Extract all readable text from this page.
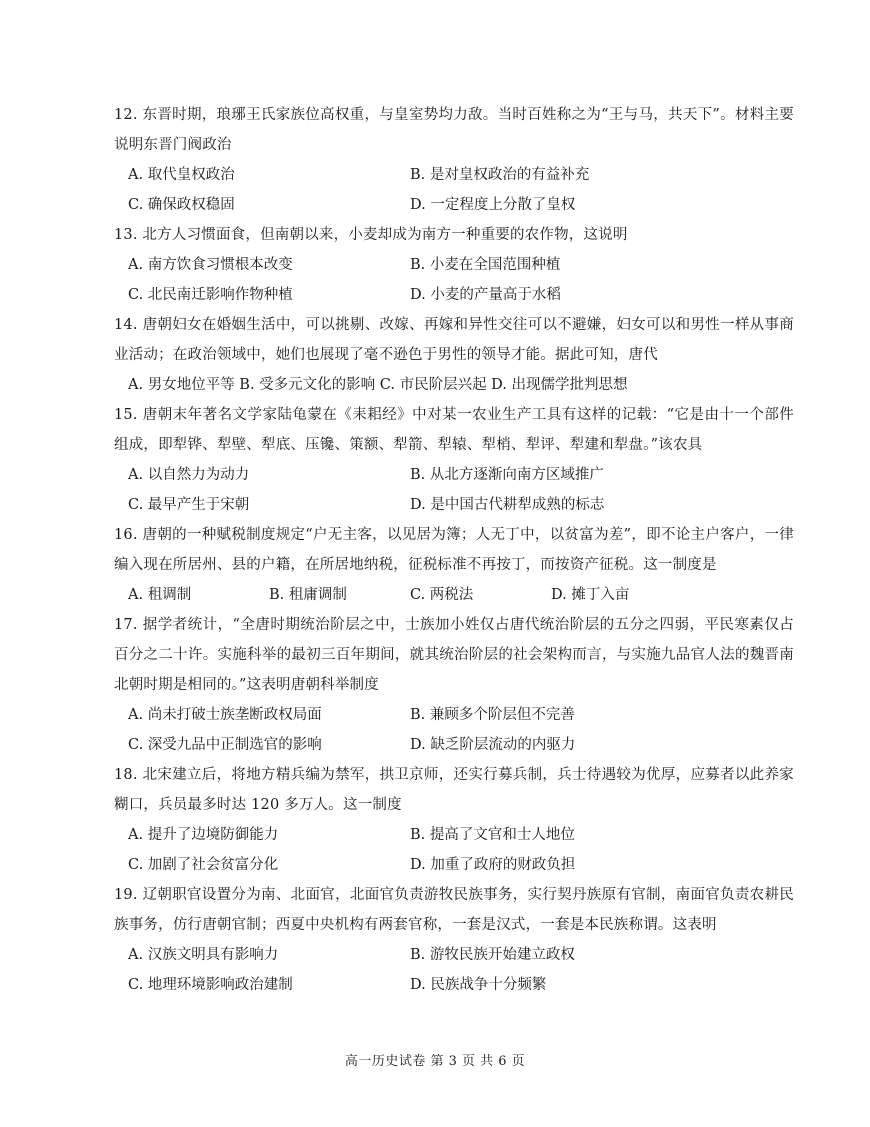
12. 东晋时期，琅琊王氏家族位高权重，与皇室势均力敌。当时百姓称之为“王与马，共天下”。材料主要说明东晋门阀政治

A. 取代皇权政治	B. 是对皇权政治的有益补充
C. 确保政权稳固	D. 一定程度上分散了皇权

13. 北方人习惯面食，但南朝以来，小麦却成为南方一种重要的农作物，这说明

A. 南方饮食习惯根本改变	B. 小麦在全国范围种植
C. 北民南迁影响作物种植	D. 小麦的产量高于水稻

14. 唐朝妇女在婚姻生活中，可以挑剔、改嫁、再嫁和异性交往可以不避嫌，妇女可以和男性一样从事商业活动；在政治领域中，她们也展现了毫不逊色于男性的领导才能。据此可知，唐代

A. 男女地位平等 B. 受多元文化的影响 C. 市民阶层兴起 D. 出现儒学批判思想

15. 唐朝末年著名文学家陆龟蒙在《耒耜经》中对某一农业生产工具有这样的记载：“它是由十一个部件组成，即犁铧、犁壁、犁底、压镵、策额、犁箭、犁辕、犁梢、犁评、犁建和犁盘。”该农具

A. 以自然力为动力	B. 从北方逐渐向南方区域推广
C. 最早产生于宋朝	D. 是中国古代耕犁成熟的标志

16. 唐朝的一种赋税制度规定“户无主客，以见居为簿；人无丁中，以贫富为差”，即不论主户客户，一律编入现在所居州、县的户籍，在所居地纳税，征税标准不再按丁，而按资产征税。这一制度是

A. 租调制	B. 租庸调制	C. 两税法	D. 摊丁入亩

17. 据学者统计，“全唐时期统治阶层之中，士族加小姓仅占唐代统治阶层的五分之四弱，平民寒素仅占百分之二十许。实施科举的最初三百年期间，就其统治阶层的社会架构而言，与实施九品官人法的魏晋南北朝时期是相同的。”这表明唐朝科举制度

A. 尚未打破士族垄断政权局面	B. 兼顾多个阶层但不完善
C. 深受九品中正制选官的影响	D. 缺乏阶层流动的内驱力

18. 北宋建立后，将地方精兵编为禁军，拱卫京师，还实行募兵制，兵士待遇较为优厚，应募者以此养家糊口，兵员最多时达 120 多万人。这一制度

A. 提升了边境防御能力	B. 提高了文官和士人地位
C. 加剧了社会贫富分化	D. 加重了政府的财政负担

19. 辽朝职官设置分为南、北面官，北面官负责游牧民族事务，实行契丹族原有官制，南面官负责农耕民族事务，仿行唐朝官制；西夏中央机构有两套官称，一套是汉式，一套是本民族称谓。这表明

A. 汉族文明具有影响力	B. 游牧民族开始建立政权
C. 地理环境影响政治建制	D. 民族战争十分频繁
高一历史试卷 第 3 页 共 6 页
